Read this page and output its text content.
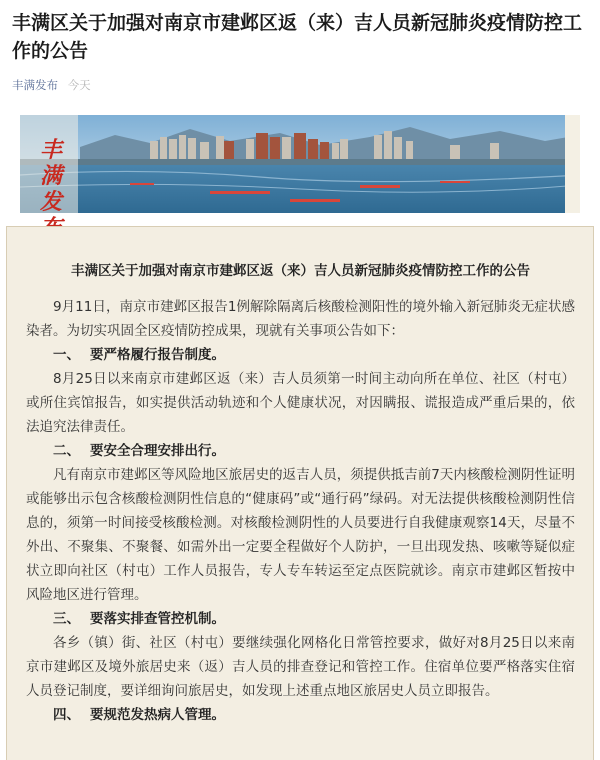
丰满区关于加强对南京市建邺区返（来）吉人员新冠肺炎疫情防控工作的公告
丰满发布 今天
丰满
发
丰满区关于加强对南京市建邺区返（来）吉人员新冠肺炎疫情防控工作的公告

9月11日，南京市建邺区报告1例解除隔离后核酸检测阳性的境外输入新冠肺炎无症状感染者。为切实巩固全区疫情防控成果，现就有关事项公告如下：

一、 要严格履行报告制度。

8月25日以来南京市建邺区返（来）吉人员须第一时间主动向所在单位、社区（村屯）或所住宾馆报告，如实提供活动轨迹和个人健康状况，对因瞒报、谎报造成严重后果的，依法追究法律责任。

二、 要安全合理安排出行。

凡有南京市建邺区等风险地区旅居史的返吉人员，须提供抵吉前7天内核酸检测阴性证明或能够出示包含核酸检测阴性信息的“健康码”或“通行码”绿码。对无法提供核酸检测阴性信息的，须第一时间接受核酸检测。对核酸检测阴性的人员要进行自我健康观察14天，尽量不外出、不聚集、不聚餐、如需外出一定要全程做好个人防护，一旦出现发热、咳嗽等疑似症状立即向社区（村屯）工作人员报告，专人专车转运至定点医院就诊。南京市建邺区暂按中风险地区进行管理。

三、 要落实排查管控机制。

各乡（镇）街、社区（村屯）要继续强化网格化日常管控要求，做好对8月25日以来南京市建邺区及境外旅居史来（返）吉人员的排查登记和管控工作。住宿单位要严格落实住宿人员登记制度，要详细询问旅居史，如发现上述重点地区旅居史人员立即报告。

四、 要规范发热病人管理。
